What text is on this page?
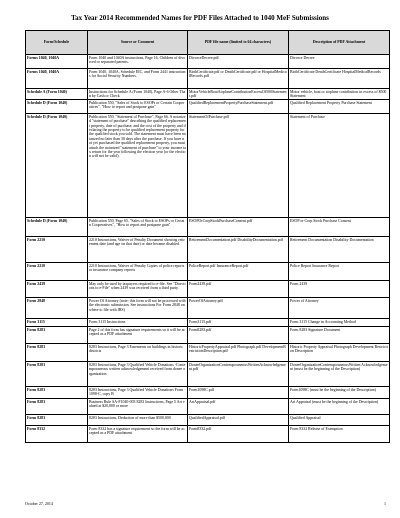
Tax Year 2014 Recommended Names for PDF Files Attached to 1040 MeF Submissions
Form/Schedule	Source or Comment	PDF file name (limited to 64 characters)	Description of PDF Attachment
Forms 1040, 1040A	Form 1040 and 1040A instructions, Page 16, Children of divorced or separated parents.	DivorceDecree.pdf	Divorce Decree
Forms 1040, 1040A	Form 1040, 1040A, Schedule EIC, and Form 2441 instructions for Social Security Numbers.	BirthCertificate.pdf or DeathCertificate.pdf or HospitalMedicalRecords.pdf	BirthCertificate DeathCertificate HospitalMedicalRecords
Schedule A (Form 1040)	Instructions for Schedule A (Form 1040), Page A-6 Other Than by Cash or Check	MotorVehicleBoatAirplaneContributionExcessOf500Statement.pdf	Motor vehicle, boat or airplane contribution in excess of $500 Statement
Schedule D (Form 1040)	Publication 550, "Sales of Stock to ESOPs or Certain Cooperatives", "How to report and postpone gain"	QualifiedReplacementPropertyPurchaseStatement.pdf	Qualified Replacement Property Purchase Statement
Schedule D (Form 1040)	Publication 550, "Statement of Purchase", Page 66. A notarized "statement of purchase" describing the qualified replacement property, date of purchase, and the cost of the property and declaring the property to be qualified replacement property for the qualified stock you sold. The statement must have been notarized no later than 30 days after the purchase. If you have not yet purchased the qualified replacement property, you must attach the notarized "statement of purchase" to your income tax return for the year following the election year (or the election will not be valid).	StatementOfPurchase.pdf	Statement of Purchase
Schedule D (Form 1040)	Publication 550, Page 65, "Sales of Stock to ESOPs or Certain Cooperatives", "How to report and postpone gain"	ESOPOrCorpStockPurchaseConsent.pdf	ESOP or Corp Stock Purchase Consent
Form 2210	2210 Instructions, Waiver of Penalty Document showing retirement date (and age on that date) or date became disabled.	RetirementDocumentation.pdf DisabilityDocumentation.pdf	Retirement Documentation Disability Documentation
Form 2210	2210 Instructions, Waiver of Penalty Copies of police reports or insurance company reports	PoliceReport.pdf InsuranceReport.pdf	Police Report Insurance Report
Form 2439	May only be used by taxpayers required to e-file. See "Directions to e-File" when 2439 was received from a third party.	Form2439.pdf	Form 2439
Form 2848	Power Of Attorney (note: this form will not be processed with the electronic submission. See instructions For Form 2848 on where to file with IRS)	PowerOfAttorney.pdf	Power of Attorney
Form 3115	Form 3115 Instructions	Form3115.pdf	Form 3115 Change in Accounting Method
Form 8283	Page 2 of this form has signature requirements so it will be accepted as a PDF attachment	Form8283.pdf	Form 8283 Signature Document
Form 8283	8283 Instructions, Page 3 Easements on buildings in historic districts	HistoricPropertyAppraisal.pdf Photograph.pdf DevelopmentRestrictionDescription.pdf	Historic Property Appraisal Photograph Development Restriction Description
Form 8283	8283 Instructions, Page 3 Qualified Vehicle Donations -Contemporaneous written acknowledgement received from donee organization	DoneeOrganizationContemporaneousWrittenAcknowledgement.pdf	DoneeOrganizationContemporaneousWritten Acknowledgement (must be the beginning of the Description)
Form 8283	8283 Instructions, Page 3 Qualified Vehicle Donations Form 1098-C, copy B	Form1098C.pdf	Form1098C (must be the beginning of the Description)
Form 8283	Business Rule SA-F1040-003 8283 Instructions, Page 5 Art valued at $20,000 or more	ArtAppraisal.pdf	Art Appraisal (must be the beginning of the Description)
Form 8283	8283 Instructions, Deduction of more than $500,000	QualifiedAppraisal.pdf	Qualified Appraisal
Form 8332	Form 8332 has a signature requirement so the form will be accepted as a PDF attachment	Form8332.pdf	Form 8332 Release of Exemption
October 27, 2014	1
